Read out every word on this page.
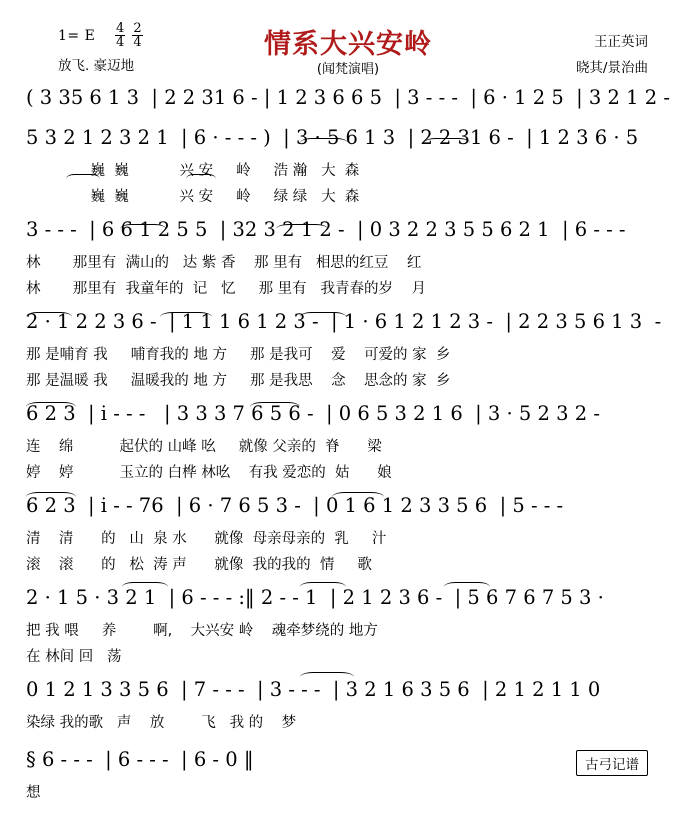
1= E $\frac{4}{4}$
$\frac{2}{4}$
放飞. 豪迈地
情系大兴安岭
(闻梵演唱)
王正英词
晓其/景治曲
( 3 35 6 1 3  | 2 2 31 6 - | 1 2 3 6 6 5  | 3 - - -  | 6 · 1 2 5  | 3 2 1 2 -
5 3 2 1 2 3 2 1  | 6 · - - - )  | 3 · 5 6 1 3  | 2 2 31 6 -  | 1 2 3 6 · 5
巍  巍           兴 安     岭     浩 瀚   大  森
巍  巍           兴 安     岭     绿 绿   大  森
3 - - -  | 6 6 1 2 5 5  | 32 3 2 1 2 -  | 0 3 2 2 3 5 5 6 2 1  | 6 - - -
林       那里有  满山的   达 紫 香    那 里有   相思的红豆    红
林       那里有  我童年的  记   忆     那 里有   我青春的岁    月
2 · 1 2 2 3 6 -  | 1 1 1 6 1 2 3 -  | 1 · 6 1 2 1 2 3 -  | 2 2 3 5 6 1 3  -
那 是哺育 我     哺育我的 地 方     那 是我可    爱    可爱的 家  乡
那 是温暖 我     温暖我的 地 方     那 是我思    念    思念的 家  乡
6 2 3  | i - - -   | 3 3 3 7 6 5 6 -  | 0 6 5 3 2 1 6  | 3 · 5 2 3 2 -
连    绵          起伏的 山峰 吆     就像 父亲的  脊      梁
婷    婷          玉立的 白桦 林吆    有我 爱恋的  姑      娘
6 2 3  | i - - 76  | 6 · 7 6 5 3 -  | 0 1 6 1 2 3 3 5 6  | 5 - - -
清    清      的   山  泉 水      就像  母亲母亲的  乳     汁
滚    滚      的   松  涛 声      就像  我的我的  情     歌
2 · 1 5 · 3 2 1  | 6 - - - :‖ 2 - - 1  | 2 1 2 3 6 -  | 5 6 7 6 7 5 3 ·
把 我 喂     养        啊,    大兴安 岭    魂牵梦绕的 地方
在 林间 回   荡
0 1 2 1 3 3 5 6  | 7 - - -  | 3 - - -  | 3 2 1 6 3 5 6  | 2 1 2 1 1 0
染绿 我的歌   声    放        飞   我 的    梦
§ 6 - - -  | 6 - - -  | 6 - 0 ‖
想
古弓记谱
